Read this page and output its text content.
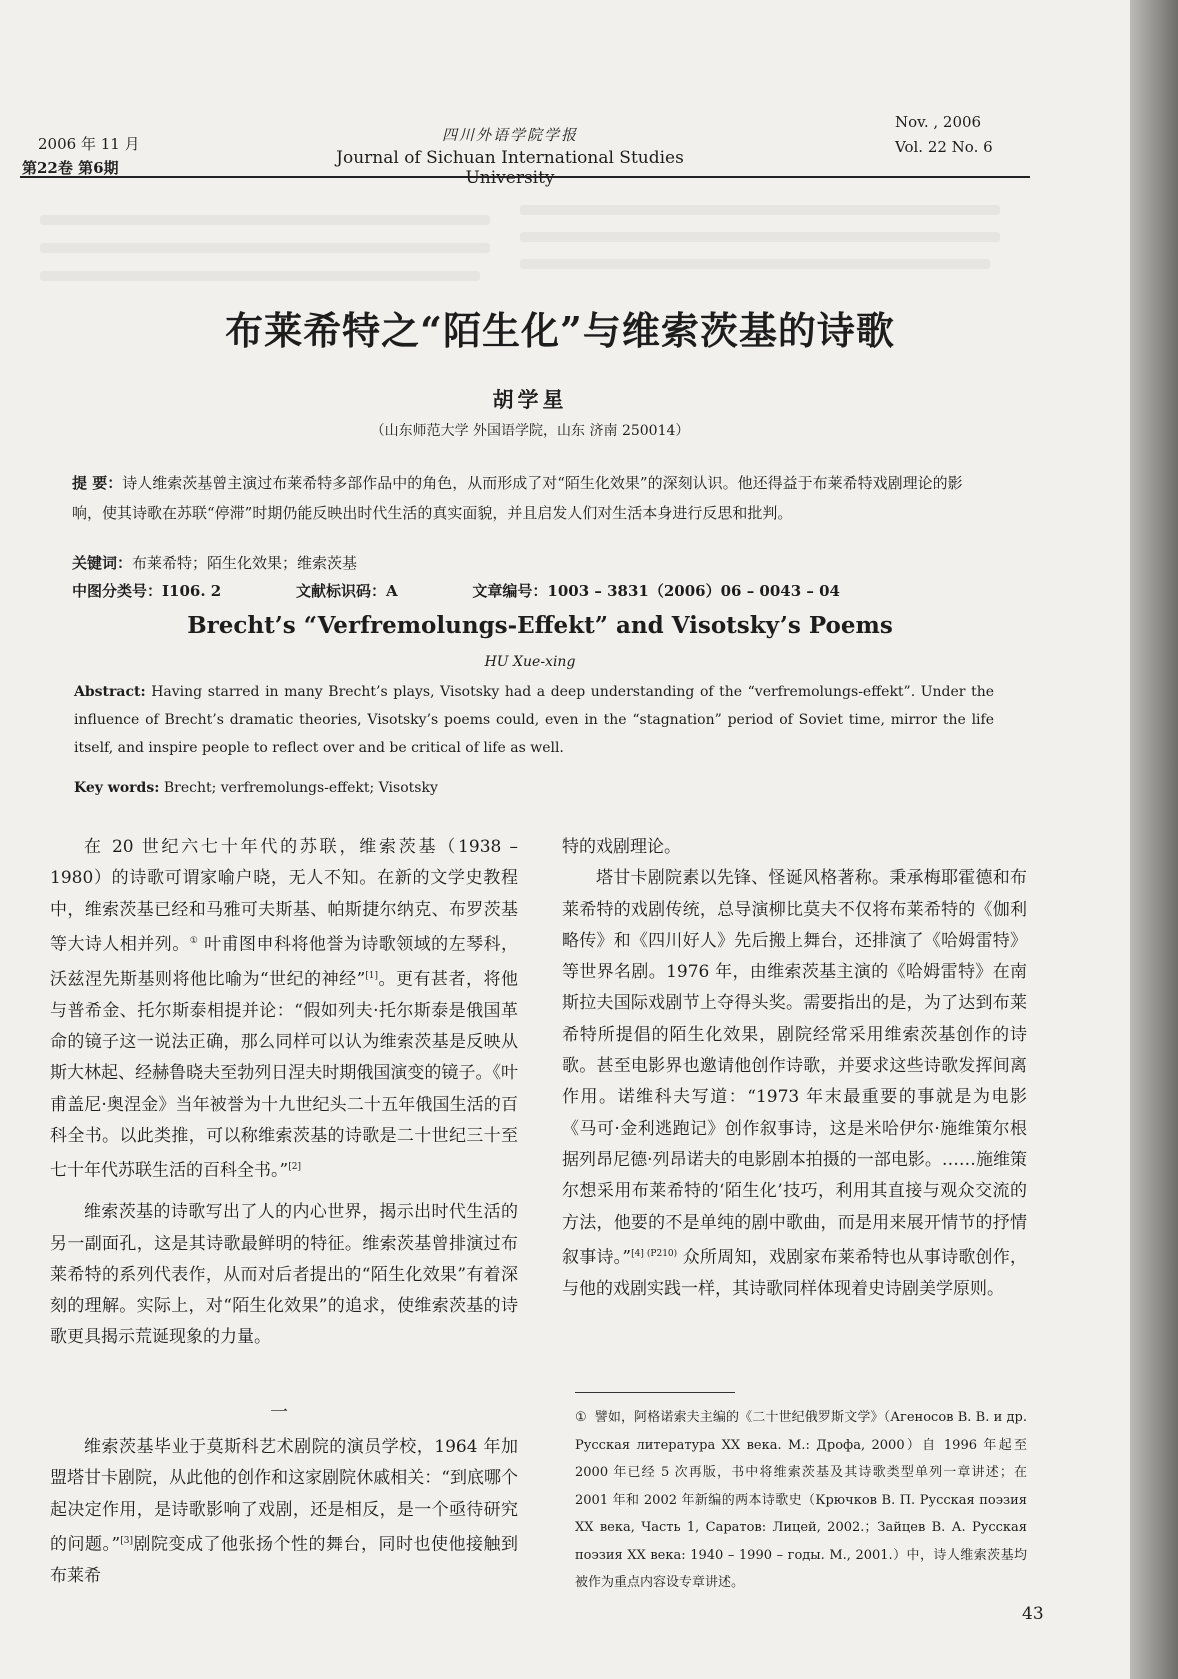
2006 年 11 月
第22卷 第6期
四川外语学院学报
Journal of Sichuan International Studies University
Nov. , 2006
Vol. 22 No. 6
布莱希特之“陌生化”与维索茨基的诗歌
胡学星
（山东师范大学 外国语学院，山东 济南 250014）
提 要：诗人维索茨基曾主演过布莱希特多部作品中的角色，从而形成了对“陌生化效果”的深刻认识。他还得益于布莱希特戏剧理论的影响，使其诗歌在苏联“停滞”时期仍能反映出时代生活的真实面貌，并且启发人们对生活本身进行反思和批判。
关键词：布莱希特；陌生化效果；维索茨基
中图分类号：I106. 2	文献标识码：A	文章编号：1003 – 3831（2006）06 – 0043 – 04
Brecht’s “Verfremolungs-Effekt” and Visotsky’s Poems
HU Xue-xing
Abstract: Having starred in many Brecht’s plays, Visotsky had a deep understanding of the “verfremolungs-effekt”. Under the influence of Brecht’s dramatic theories, Visotsky’s poems could, even in the “stagnation” period of Soviet time, mirror the life itself, and inspire people to reflect over and be critical of life as well.
Key words: Brecht; verfremolungs-effekt; Visotsky

在 20 世纪六七十年代的苏联，维索茨基（1938 – 1980）的诗歌可谓家喻户晓，无人不知。在新的文学史教程中，维索茨基已经和马雅可夫斯基、帕斯捷尔纳克、布罗茨基等大诗人相并列。① 叶甫图申科将他誉为诗歌领域的左琴科，沃兹涅先斯基则将他比喻为“世纪的神经”[1]。更有甚者，将他与普希金、托尔斯泰相提并论：“假如列夫·托尔斯泰是俄国革命的镜子这一说法正确，那么同样可以认为维索茨基是反映从斯大林起、经赫鲁晓夫至勃列日涅夫时期俄国演变的镜子。《叶甫盖尼·奥涅金》当年被誉为十九世纪头二十五年俄国生活的百科全书。以此类推，可以称维索茨基的诗歌是二十世纪三十至七十年代苏联生活的百科全书。”[2]

维索茨基的诗歌写出了人的内心世界，揭示出时代生活的另一副面孔，这是其诗歌最鲜明的特征。维索茨基曾排演过布莱希特的系列代表作，从而对后者提出的“陌生化效果”有着深刻的理解。实际上，对“陌生化效果”的追求，使维索茨基的诗歌更具揭示荒诞现象的力量。

一

维索茨基毕业于莫斯科艺术剧院的演员学校，1964 年加盟塔甘卡剧院，从此他的创作和这家剧院休戚相关：“到底哪个起决定作用，是诗歌影响了戏剧，还是相反，是一个亟待研究的问题。”[3]剧院变成了他张扬个性的舞台，同时也使他接触到布莱希

特的戏剧理论。

塔甘卡剧院素以先锋、怪诞风格著称。秉承梅耶霍德和布莱希特的戏剧传统，总导演柳比莫夫不仅将布莱希特的《伽利略传》和《四川好人》先后搬上舞台，还排演了《哈姆雷特》等世界名剧。1976 年，由维索茨基主演的《哈姆雷特》在南斯拉夫国际戏剧节上夺得头奖。需要指出的是，为了达到布莱希特所提倡的陌生化效果，剧院经常采用维索茨基创作的诗歌。甚至电影界也邀请他创作诗歌，并要求这些诗歌发挥间离作用。诺维科夫写道：“1973 年末最重要的事就是为电影《马可·金利逃跑记》创作叙事诗，这是米哈伊尔·施维策尔根据列昂尼德·列昂诺夫的电影剧本拍摄的一部电影。……施维策尔想采用布莱希特的‘陌生化’技巧，利用其直接与观众交流的方法，他要的不是单纯的剧中歌曲，而是用来展开情节的抒情叙事诗。”$^{[4] (P210)}$ 众所周知，戏剧家布莱希特也从事诗歌创作，与他的戏剧实践一样，其诗歌同样体现着史诗剧美学原则。

① 譬如，阿格诺索夫主编的《二十世纪俄罗斯文学》（Агеносов В. В. и др. Русская литература XX века. М.: Дрофа, 2000）自 1996 年起至 2000 年已经 5 次再版，书中将维索茨基及其诗歌类型单列一章讲述；在 2001 年和 2002 年新编的两本诗歌史（Крючков В. П. Русская поэзия XX века, Часть 1, Саратов: Лицей, 2002.；Зайцев В. А. Русская поэзия XX века: 1940 – 1990 – годы. М., 2001.）中，诗人维索茨基均被作为重点内容设专章讲述。
43
